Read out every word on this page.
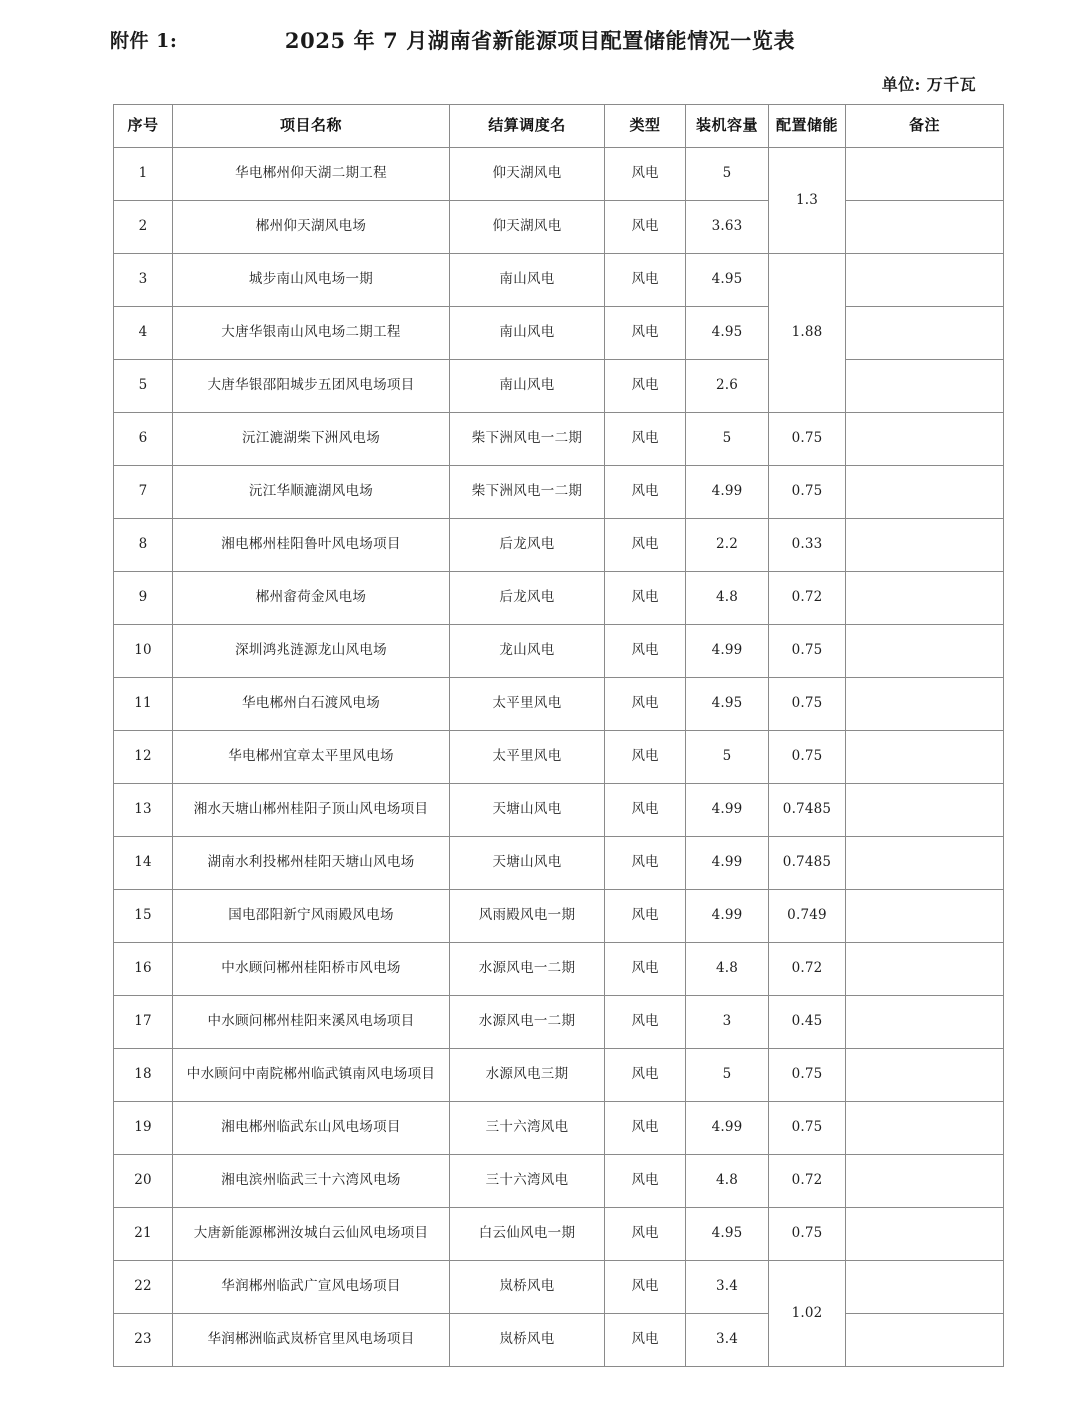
附件 1:	2025 年 7 月湖南省新能源项目配置储能情况一览表
单位: 万千瓦
序号	项目名称	结算调度名	类型	装机容量	配置储能	备注
1	华电郴州仰天湖二期工程	仰天湖风电	风电	5	1.3	
2	郴州仰天湖风电场	仰天湖风电	风电	3.63		
3	城步南山风电场一期	南山风电	风电	4.95	1.88	
4	大唐华银南山风电场二期工程	南山风电	风电	4.95		
5	大唐华银邵阳城步五团风电场项目	南山风电	风电	2.6		
6	沅江漉湖柴下洲风电场	柴下洲风电一二期	风电	5	0.75	
7	沅江华顺漉湖风电场	柴下洲风电一二期	风电	4.99	0.75	
8	湘电郴州桂阳鲁叶风电场项目	后龙风电	风电	2.2	0.33	
9	郴州畲荷金风电场	后龙风电	风电	4.8	0.72	
10	深圳鸿兆涟源龙山风电场	龙山风电	风电	4.99	0.75	
11	华电郴州白石渡风电场	太平里风电	风电	4.95	0.75	
12	华电郴州宜章太平里风电场	太平里风电	风电	5	0.75	
13	湘水天塘山郴州桂阳子顶山风电场项目	天塘山风电	风电	4.99	0.7485	
14	湖南水利投郴州桂阳天塘山风电场	天塘山风电	风电	4.99	0.7485	
15	国电邵阳新宁风雨殿风电场	风雨殿风电一期	风电	4.99	0.749	
16	中水顾问郴州桂阳桥市风电场	水源风电一二期	风电	4.8	0.72	
17	中水顾问郴州桂阳来溪风电场项目	水源风电一二期	风电	3	0.45	
18	中水顾问中南院郴州临武镇南风电场项目	水源风电三期	风电	5	0.75	
19	湘电郴州临武东山风电场项目	三十六湾风电	风电	4.99	0.75	
20	湘电滨州临武三十六湾风电场	三十六湾风电	风电	4.8	0.72	
21	大唐新能源郴洲汝城白云仙风电场项目	白云仙风电一期	风电	4.95	0.75	
22	华润郴州临武广宣风电场项目	岚桥风电	风电	3.4	1.02	
23	华润郴洲临武岚桥官里风电场项目	岚桥风电	风电	3.4		
